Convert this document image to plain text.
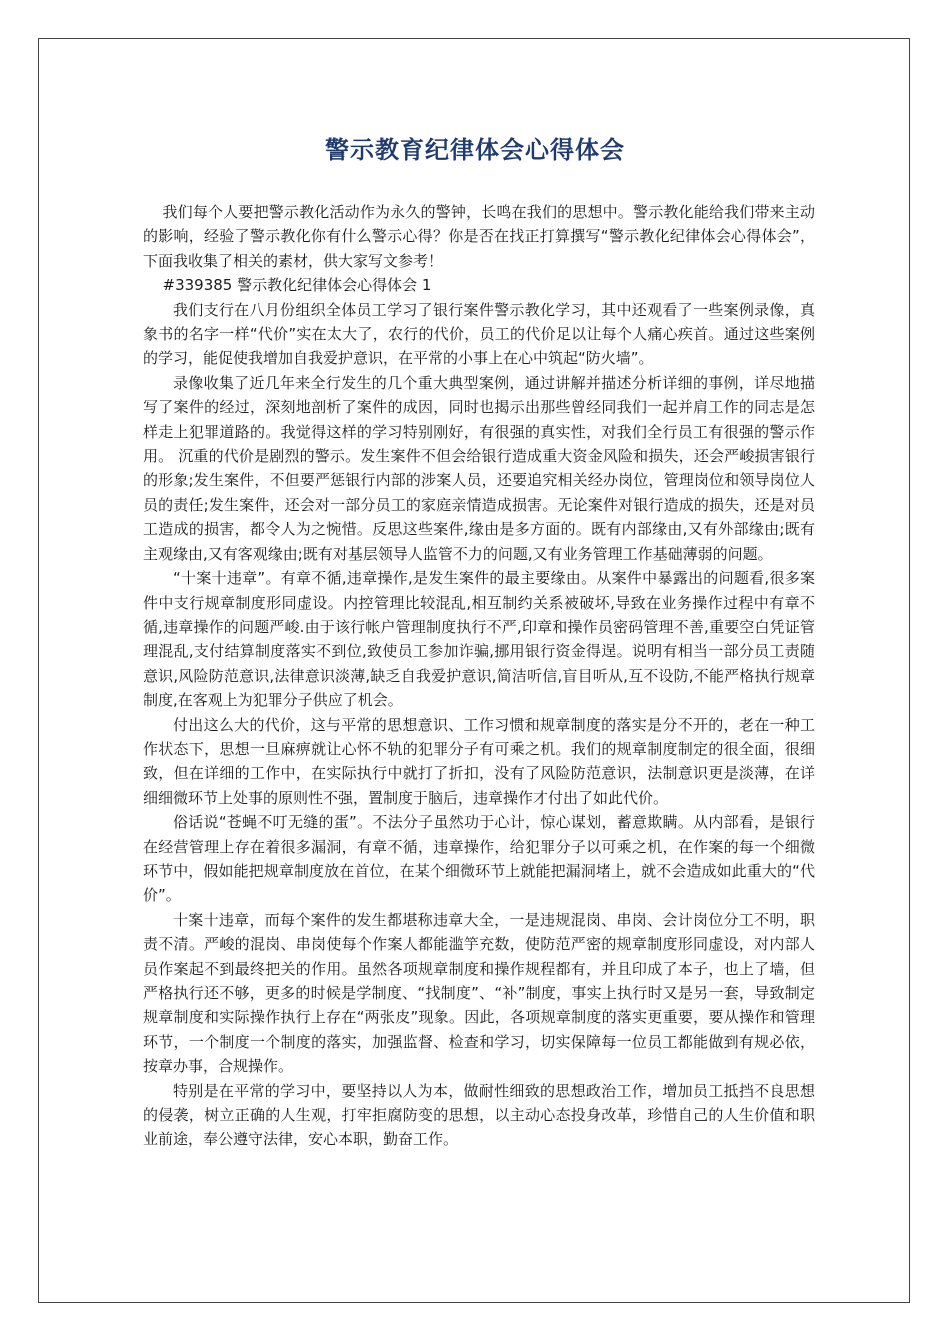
警示教育纪律体会心得体会

我们每个人要把警示教化活动作为永久的警钟，长鸣在我们的思想中。警示教化能给我们带来主动的影响，经验了警示教化你有什么警示心得？你是否在找正打算撰写“警示教化纪律体会心得体会”，下面我收集了相关的素材，供大家写文参考！

#339385 警示教化纪律体会心得体会 1

我们支行在八月份组织全体员工学习了银行案件警示教化学习，其中还观看了一些案例录像，真象书的名字一样“代价”实在太大了，农行的代价，员工的代价足以让每个人痛心疾首。通过这些案例的学习，能促使我增加自我爱护意识，在平常的小事上在心中筑起“防火墙”。

录像收集了近几年来全行发生的几个重大典型案例，通过讲解并描述分析详细的事例，详尽地描写了案件的经过，深刻地剖析了案件的成因，同时也揭示出那些曾经同我们一起并肩工作的同志是怎样走上犯罪道路的。我觉得这样的学习特别刚好，有很强的真实性，对我们全行员工有很强的警示作用。 沉重的代价是剧烈的警示。发生案件不但会给银行造成重大资金风险和损失，还会严峻损害银行的形象;发生案件，不但要严惩银行内部的涉案人员，还要追究相关经办岗位，管理岗位和领导岗位人员的责任;发生案件，还会对一部分员工的家庭亲情造成损害。无论案件对银行造成的损失，还是对员工造成的损害，都令人为之惋惜。反思这些案件,缘由是多方面的。既有内部缘由,又有外部缘由;既有主观缘由,又有客观缘由;既有对基层领导人监管不力的问题,又有业务管理工作基础薄弱的问题。

“十案十违章”。有章不循,违章操作,是发生案件的最主要缘由。从案件中暴露出的问题看,很多案件中支行规章制度形同虚设。内控管理比较混乱,相互制约关系被破坏,导致在业务操作过程中有章不循,违章操作的问题严峻.由于该行帐户管理制度执行不严,印章和操作员密码管理不善,重要空白凭证管理混乱,支付结算制度落实不到位,致使员工参加诈骗,挪用银行资金得逞。说明有相当一部分员工责随意识,风险防范意识,法律意识淡薄,缺乏自我爱护意识,简洁听信,盲目听从,互不设防,不能严格执行规章制度,在客观上为犯罪分子供应了机会。

付出这么大的代价，这与平常的思想意识、工作习惯和规章制度的落实是分不开的，老在一种工作状态下，思想一旦麻痹就让心怀不轨的犯罪分子有可乘之机。我们的规章制度制定的很全面，很细致，但在详细的工作中，在实际执行中就打了折扣，没有了风险防范意识，法制意识更是淡薄，在详细细微环节上处事的原则性不强，置制度于脑后，违章操作才付出了如此代价。

俗话说“苍蝇不叮无缝的蛋”。不法分子虽然功于心计，惊心谋划，蓄意欺瞒。从内部看，是银行在经营管理上存在着很多漏洞，有章不循，违章操作，给犯罪分子以可乘之机，在作案的每一个细微环节中，假如能把规章制度放在首位，在某个细微环节上就能把漏洞堵上，就不会造成如此重大的“代价”。

十案十违章，而每个案件的发生都堪称违章大全，一是违规混岗、串岗、会计岗位分工不明，职责不清。严峻的混岗、串岗使每个作案人都能滥竽充数，使防范严密的规章制度形同虚设，对内部人员作案起不到最终把关的作用。虽然各项规章制度和操作规程都有，并且印成了本子，也上了墙，但严格执行还不够，更多的时候是学制度、“找制度”、“补”制度，事实上执行时又是另一套，导致制定规章制度和实际操作执行上存在“两张皮”现象。因此，各项规章制度的落实更重要，要从操作和管理环节，一个制度一个制度的落实，加强监督、检查和学习，切实保障每一位员工都能做到有规必依，按章办事，合规操作。

特别是在平常的学习中，要坚持以人为本，做耐性细致的思想政治工作，增加员工抵挡不良思想的侵袭，树立正确的人生观，打牢拒腐防变的思想，以主动心态投身改革，珍惜自己的人生价值和职业前途，奉公遵守法律，安心本职，勤奋工作。
